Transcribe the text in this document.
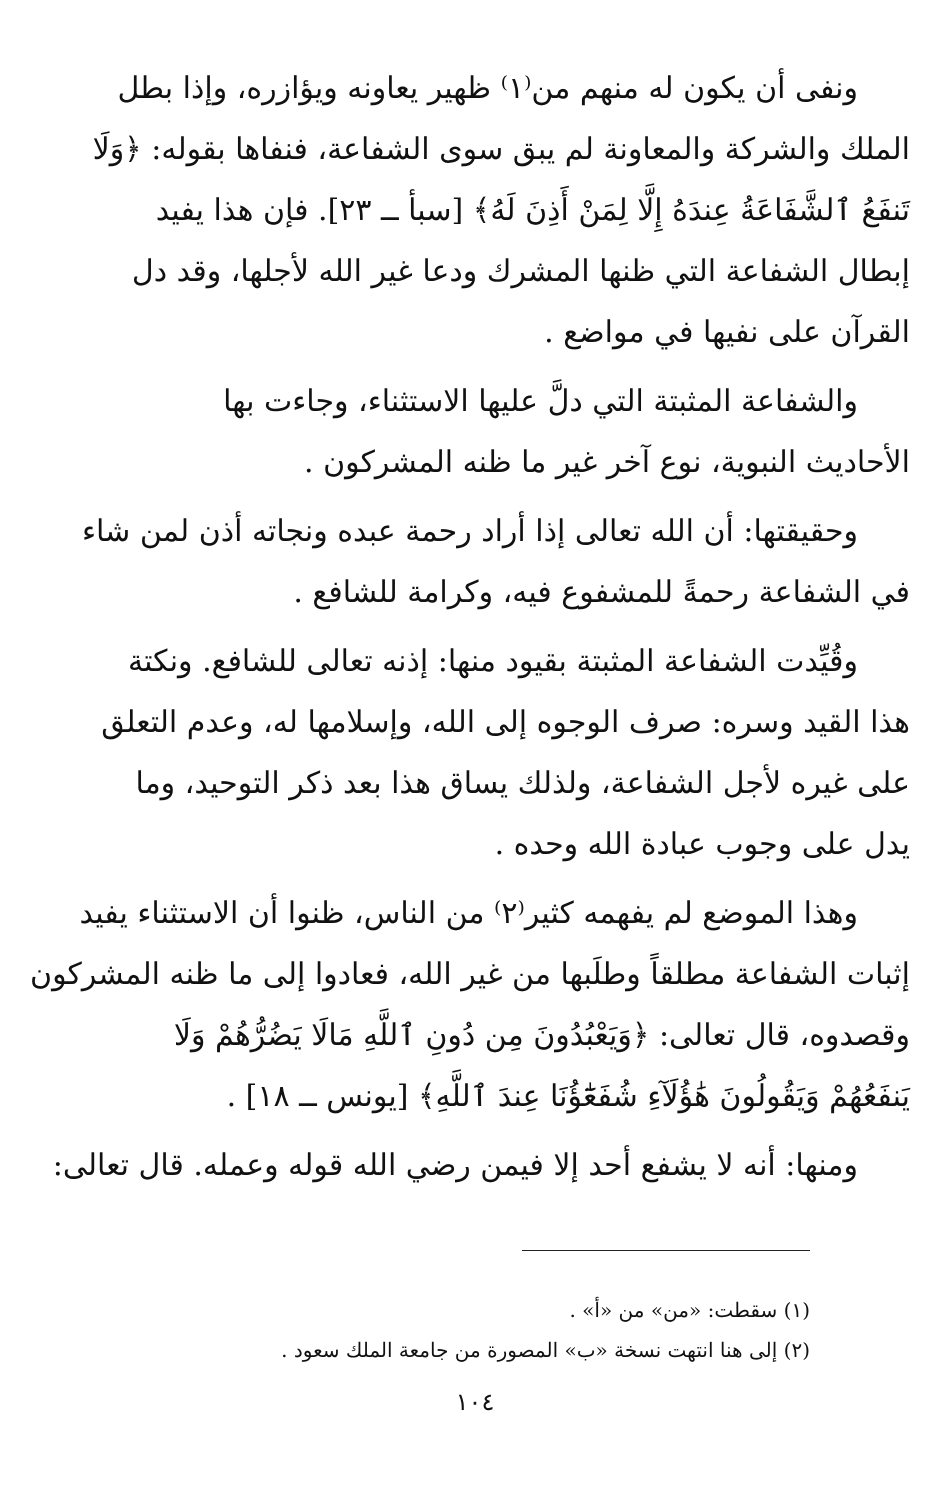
ونفى أن يكون له منهم من⁽١⁾ ظهير يعاونه ويؤازره، وإذا بطل
الملك والشركة والمعاونة لم يبق سوى الشفاعة، فنفاها بقوله: ﴿وَلَا
تَنفَعُ ٱلشَّفَاعَةُ عِندَهُ إِلَّا لِمَنْ أَذِنَ لَهُ﴾ [سبأ ــ ٢٣]. فإن هذا يفيد
إبطال الشفاعة التي ظنها المشرك ودعا غير الله لأجلها، وقد دل
القرآن على نفيها في مواضع .

والشفاعة المثبتة التي دلَّ عليها الاستثناء، وجاءت بها
الأحاديث النبوية، نوع آخر غير ما ظنه المشركون .

وحقيقتها: أن الله تعالى إذا أراد رحمة عبده ونجاته أذن لمن شاء
في الشفاعة رحمةً للمشفوع فيه، وكرامة للشافع .

وقُيِّدت الشفاعة المثبتة بقيود منها: إذنه تعالى للشافع. ونكتة
هذا القيد وسره: صرف الوجوه إلى الله، وإسلامها له، وعدم التعلق
على غيره لأجل الشفاعة، ولذلك يساق هذا بعد ذكر التوحيد، وما
يدل على وجوب عبادة الله وحده .

وهذا الموضع لم يفهمه كثير⁽٢⁾ من الناس، ظنوا أن الاستثناء يفيد
إثبات الشفاعة مطلقاً وطلَبها من غير الله، فعادوا إلى ما ظنه المشركون
وقصدوه، قال تعالى: ﴿وَيَعْبُدُونَ مِن دُونِ ٱللَّهِ مَالَا يَضُرُّهُمْ وَلَا
يَنفَعُهُمْ وَيَقُولُونَ هَٰؤُلَآءِ شُفَعَٰٓؤُنَا عِندَ ٱللَّهِ﴾ [يونس ــ ١٨] .

ومنها: أنه لا يشفع أحد إلا فيمن رضي الله قوله وعمله. قال تعالى:

(١) سقطت: «من» من «أ» .

(٢) إلى هنا انتهت نسخة «ب» المصورة من جامعة الملك سعود .

١٠٤
